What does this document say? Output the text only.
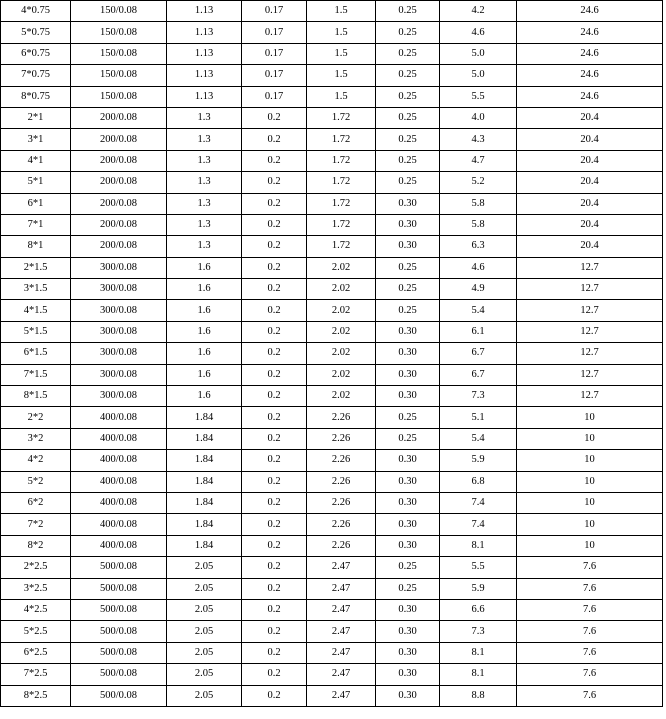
4*0.75	150/0.08	1.13	0.17	1.5	0.25	4.2	24.6
5*0.75	150/0.08	1.13	0.17	1.5	0.25	4.6	24.6
6*0.75	150/0.08	1.13	0.17	1.5	0.25	5.0	24.6
7*0.75	150/0.08	1.13	0.17	1.5	0.25	5.0	24.6
8*0.75	150/0.08	1.13	0.17	1.5	0.25	5.5	24.6
2*1	200/0.08	1.3	0.2	1.72	0.25	4.0	20.4
3*1	200/0.08	1.3	0.2	1.72	0.25	4.3	20.4
4*1	200/0.08	1.3	0.2	1.72	0.25	4.7	20.4
5*1	200/0.08	1.3	0.2	1.72	0.25	5.2	20.4
6*1	200/0.08	1.3	0.2	1.72	0.30	5.8	20.4
7*1	200/0.08	1.3	0.2	1.72	0.30	5.8	20.4
8*1	200/0.08	1.3	0.2	1.72	0.30	6.3	20.4
2*1.5	300/0.08	1.6	0.2	2.02	0.25	4.6	12.7
3*1.5	300/0.08	1.6	0.2	2.02	0.25	4.9	12.7
4*1.5	300/0.08	1.6	0.2	2.02	0.25	5.4	12.7
5*1.5	300/0.08	1.6	0.2	2.02	0.30	6.1	12.7
6*1.5	300/0.08	1.6	0.2	2.02	0.30	6.7	12.7
7*1.5	300/0.08	1.6	0.2	2.02	0.30	6.7	12.7
8*1.5	300/0.08	1.6	0.2	2.02	0.30	7.3	12.7
2*2	400/0.08	1.84	0.2	2.26	0.25	5.1	10
3*2	400/0.08	1.84	0.2	2.26	0.25	5.4	10
4*2	400/0.08	1.84	0.2	2.26	0.30	5.9	10
5*2	400/0.08	1.84	0.2	2.26	0.30	6.8	10
6*2	400/0.08	1.84	0.2	2.26	0.30	7.4	10
7*2	400/0.08	1.84	0.2	2.26	0.30	7.4	10
8*2	400/0.08	1.84	0.2	2.26	0.30	8.1	10
2*2.5	500/0.08	2.05	0.2	2.47	0.25	5.5	7.6
3*2.5	500/0.08	2.05	0.2	2.47	0.25	5.9	7.6
4*2.5	500/0.08	2.05	0.2	2.47	0.30	6.6	7.6
5*2.5	500/0.08	2.05	0.2	2.47	0.30	7.3	7.6
6*2.5	500/0.08	2.05	0.2	2.47	0.30	8.1	7.6
7*2.5	500/0.08	2.05	0.2	2.47	0.30	8.1	7.6
8*2.5	500/0.08	2.05	0.2	2.47	0.30	8.8	7.6
